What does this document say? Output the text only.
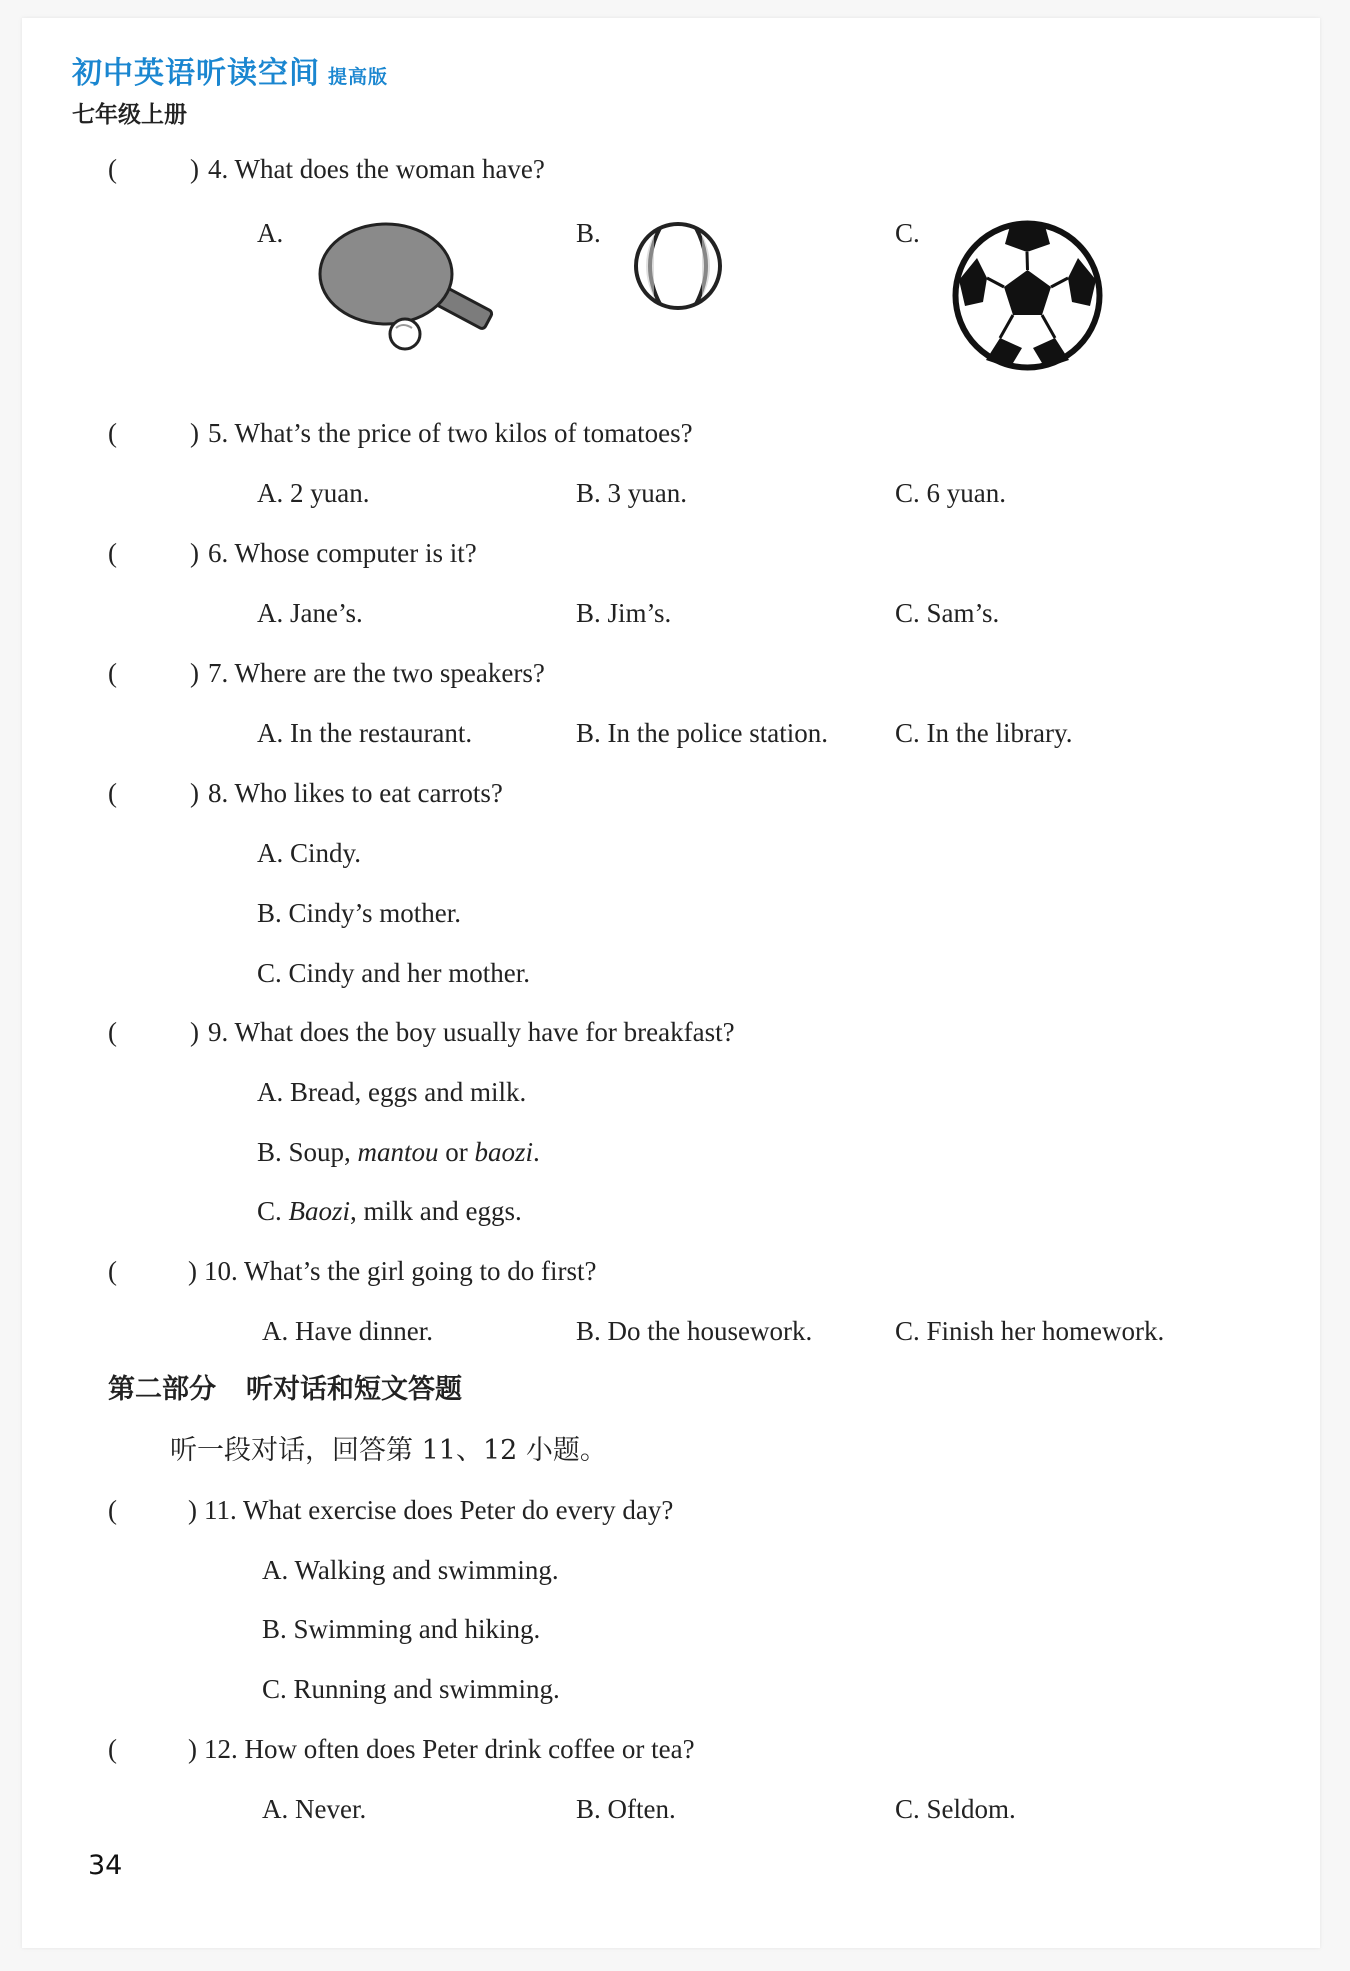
初中英语听读空间 提高版
七年级上册
(	) 4. What does the woman have?
A.	B.	C.
(	) 5. What’s the price of two kilos of tomatoes?
A. 2 yuan.	B. 3 yuan.	C. 6 yuan.
(	) 6. Whose computer is it?
A. Jane’s.	B. Jim’s.	C. Sam’s.
(	) 7. Where are the two speakers?
A. In the restaurant.	B. In the police station. C. In the library.
(	) 8. Who likes to eat carrots?
A. Cindy.
B. Cindy’s mother.
C. Cindy and her mother.
(	) 9. What does the boy usually have for breakfast?
A. Bread, eggs and milk.
B. Soup, mantou or baozi.
C. Baozi, milk and eggs.
(	) 10. What’s the girl going to do first?
A. Have dinner.	B. Do the housework.	C. Finish her homework.
第二部分 听对话和短文答题
听一段对话，回答第 11、12 小题。
(	) 11. What exercise does Peter do every day?
A. Walking and swimming.
B. Swimming and hiking.
C. Running and swimming.
(	) 12. How often does Peter drink coffee or tea?
A. Never.	B. Often.	C. Seldom.
34
